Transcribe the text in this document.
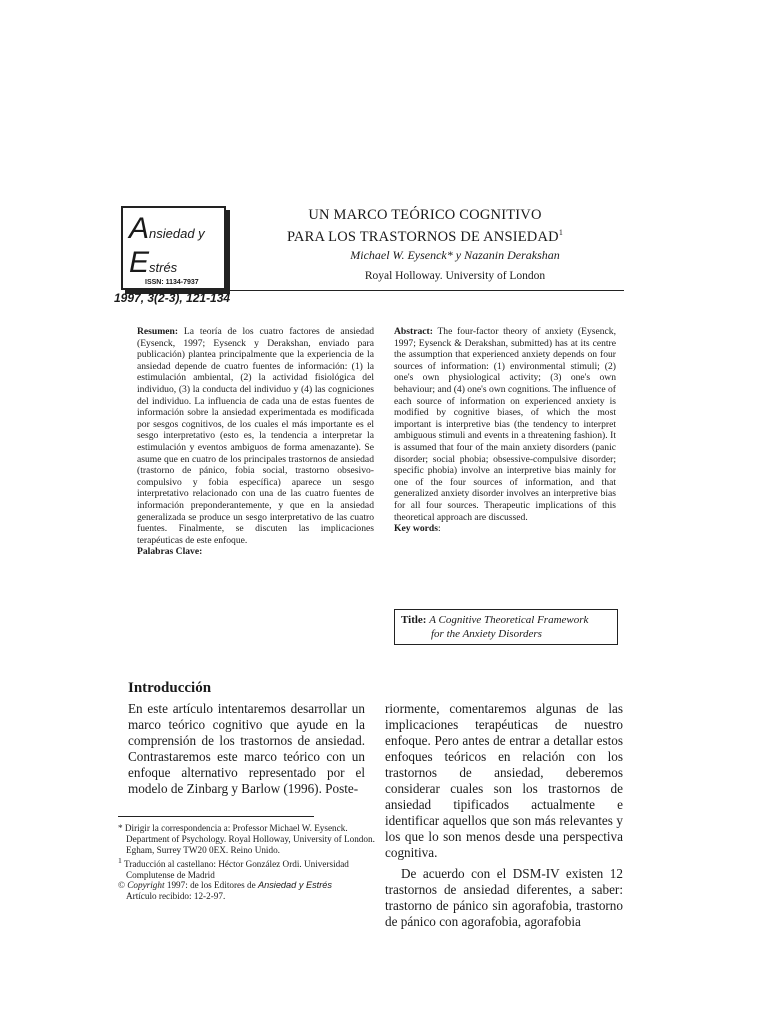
Ansiedad y
Estrés
ISSN: 1134-7937
1997, 3(2-3), 121-134
UN MARCO TEÓRICO COGNITIVO
PARA LOS TRASTORNOS DE ANSIEDAD$^1$
Michael W. Eysenck* y Nazanin Derakshan
Royal Holloway. University of London
Resumen: La teoría de los cuatro factores de ansiedad (Eysenck, 1997; Eysenck y Derakshan, enviado para publicación) plantea principalmente que la experiencia de la ansiedad depende de cuatro fuentes de información: (1) la estimulación ambiental, (2) la actividad fisiológica del individuo, (3) la conducta del individuo y (4) las cogniciones del individuo. La influencia de cada una de estas fuentes de información sobre la ansiedad experimentada es modificada por sesgos cognitivos, de los cuales el más importante es el sesgo interpretativo (esto es, la tendencia a interpretar la estimulación y eventos ambiguos de forma amenazante). Se asume que en cuatro de los principales trastornos de ansiedad (trastorno de pánico, fobia social, trastorno obsesivo-compulsivo y fobia específica) aparece un sesgo interpretativo relacionado con una de las cuatro fuentes de información preponderantemente, y que en la ansiedad generalizada se produce un sesgo interpretativo de las cuatro fuentes. Finalmente, se discuten las implicaciones terapéuticas de este enfoque.
Palabras Clave:
Abstract: The four-factor theory of anxiety (Eysenck, 1997; Eysenck & Derakshan, submitted) has at its centre the assumption that experienced anxiety depends on four sources of information: (1) environmental stimuli; (2) one's own physiological activity; (3) one's own behaviour; and (4) one's own cognitions. The influence of each source of information on experienced anxiety is modified by cognitive biases, of which the most important is interpretive bias (the tendency to interpret ambiguous stimuli and events in a threatening fashion). It is assumed that four of the main anxiety disorders (panic disorder; social phobia; obsessive-compulsive disorder; specific phobia) involve an interpretive bias mainly for one of the four sources of information, and that generalized anxiety disorder involves an interpretive bias for all four sources. Therapeutic implications of this theoretical approach are discussed.
Key words:
Title: A Cognitive Theoretical Framework
for the Anxiety Disorders
Introducción
En este artículo intentaremos desarrollar un marco teórico cognitivo que ayude en la comprensión de los trastornos de ansiedad. Contrastaremos este marco teórico con un enfoque alternativo representado por el modelo de Zinbarg y Barlow (1996). Poste-

riormente, comentaremos algunas de las implicaciones terapéuticas de nuestro enfoque. Pero antes de entrar a detallar estos enfoques teóricos en relación con los trastornos de ansiedad, deberemos considerar cuales son los trastornos de ansiedad tipificados actualmente e identificar aquellos que son más relevantes y los que lo son menos desde una perspectiva cognitiva.

De acuerdo con el DSM-IV existen 12 trastornos de ansiedad diferentes, a saber: trastorno de pánico sin agorafobia, trastorno de pánico con agorafobia, agorafobia

* Dirigir la correspondencia a: Professor Michael W. Eysenck. Department of Psychology. Royal Holloway, University of London. Egham, Surrey TW20 0EX. Reino Unido.
$^1$ Traducción al castellano: Héctor González Ordi. Universidad Complutense de Madrid
© Copyright 1997: de los Editores de Ansiedad y Estrés
Artículo recibido: 12-2-97.
